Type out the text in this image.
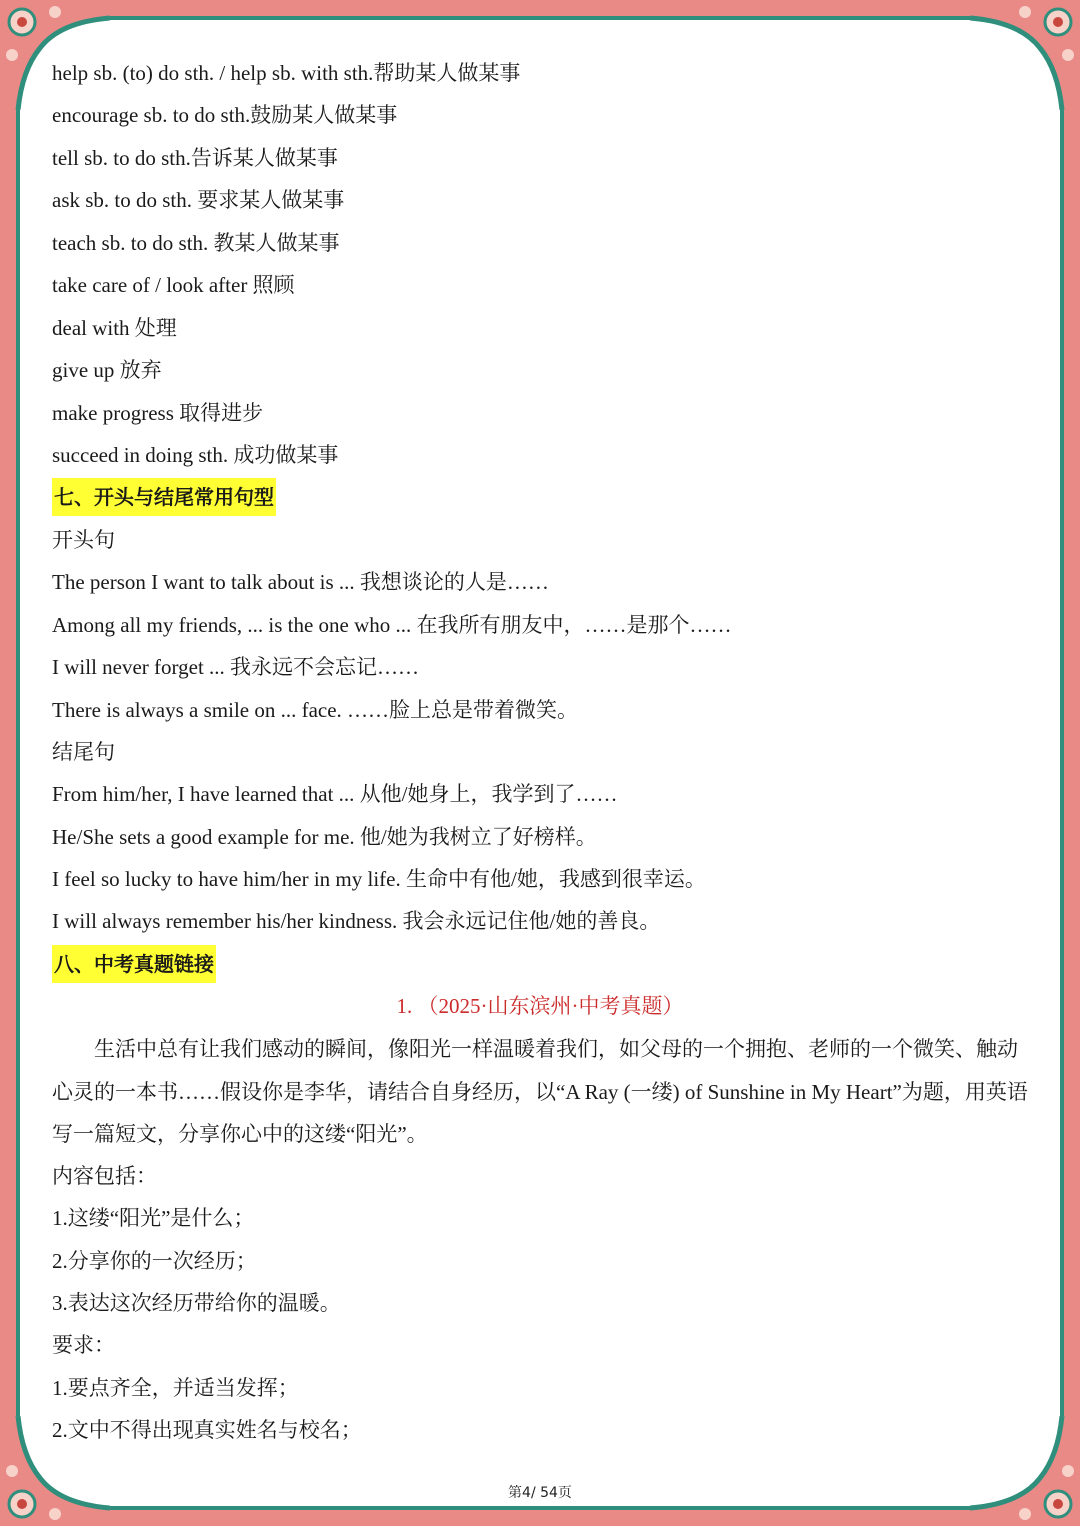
help sb. (to) do sth. / help sb. with sth.帮助某人做某事
encourage sb. to do sth.鼓励某人做某事
tell sb. to do sth.告诉某人做某事
ask sb. to do sth. 要求某人做某事
teach sb. to do sth. 教某人做某事
take care of / look after 照顾
deal with 处理
give up 放弃
make progress 取得进步
succeed in doing sth. 成功做某事
七、开头与结尾常用句型
开头句
The person I want to talk about is ... 我想谈论的人是……
Among all my friends, ... is the one who ... 在我所有朋友中，……是那个……
I will never forget ... 我永远不会忘记……
There is always a smile on ... face. ……脸上总是带着微笑。
结尾句
From him/her, I have learned that ... 从他/她身上，我学到了……
He/She sets a good example for me. 他/她为我树立了好榜样。
I feel so lucky to have him/her in my life. 生命中有他/她，我感到很幸运。
I will always remember his/her kindness. 我会永远记住他/她的善良。
八、中考真题链接
1. （2025·山东滨州·中考真题）
生活中总有让我们感动的瞬间，像阳光一样温暖着我们，如父母的一个拥抱、老师的一个微笑、触动心灵的一本书……假设你是李华，请结合自身经历，以“A Ray (一缕) of Sunshine in My Heart”为题，用英语写一篇短文，分享你心中的这缕“阳光”。
内容包括：
1.这缕“阳光”是什么；
2.分享你的一次经历；
3.表达这次经历带给你的温暖。
要求：
1.要点齐全，并适当发挥；
2.文中不得出现真实姓名与校名；
第4/ 54页
